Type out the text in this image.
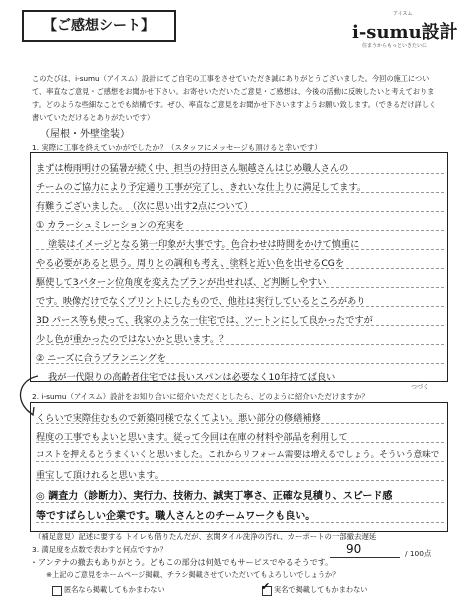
【ご感想シート】
アイスム
i-sumu設計
住まうからもっといきたいに
このたびは、i-sumu（アイスム）設計にてご自宅の工事をさせていただき誠にありがとうございました。今回の施工について、率直なご意見・ご感想をお聞かせ下さい。お寄せいただいたご意見・ご感想は、今後の活動に反映したいと考えております。どのような些細なことでも結構です。ぜひ、率直なご意見をお聞かせ下さいますようお願い致します。（できるだけ詳しく書いていただけるとありがたいです）
（屋根・外壁塗装）
1. 実際に工事を終えていかがでしたか？（スタッフにメッセージも頂けると幸いです）
まずは梅雨明けの猛暑が続く中、担当の持田さん堀越さんはじめ職人さんの
チームのご協力により予定通り工事が完了し、きれいな仕上りに満足してます。
有難うございました。　（次に思い出す2点について）
① カラーシュミレーションの充実を
塗装はイメージとなる第一印象が大事です。色合わせは時間をかけて慎重に
やる必要があると思う。周りとの調和も考え、塗料と近い色を出せるCGを
駆使して3パターン位角度を変えたプランが出せれば、ど判断しやすい
です。映像だけでなくプリントにしたもので、他社は実行しているところがあり
3D パース等も使って、我家のような一住宅では、ツートンにして良かったですが
少し色が重かったのではないかと思います。？
② ニーズに合うプランニングを
我が一代限りの高齢者住宅では長いスパンは必要なく10年持てば良い
つづく
2. i-sumu（アイスム）設計をお知り合いに紹介いただくとしたら、どのように紹介いただけますか？
くらいで実際住むもので新築同様でなくてよい。悪い部分の修繕補修
程度の工事でもよいと思います。従って今回は在庫の材料や部品を利用して
コストを押えるとうまくいくと思いました。これからリフォーム需要は増えるでしょう。そういう意味で
重宝して頂けれると思います。
◎ 調査力（診断力）、実行力、技術力、誠実丁寧さ、正確な見積り、スピード感
等ですばらしい企業です。職人さんとのチームワークも良い。
（補足意見）記述に要する トイレも借りたんだが、玄関タイル洗浄の汚れ、カーポートの一部撤去遅延
3. 満足度を点数で表わすと何点ですか？
・アンテナの撤去もありがとう。どもこの部分は何処でもサービスでやるそうです。
90	/ 100点
※上記のご意見をホームページ掲載、チラシ掲載させていただいてもよろしいでしょうか？
匿名なら掲載してもかまわない	✔ 実名で掲載してもかまわない
